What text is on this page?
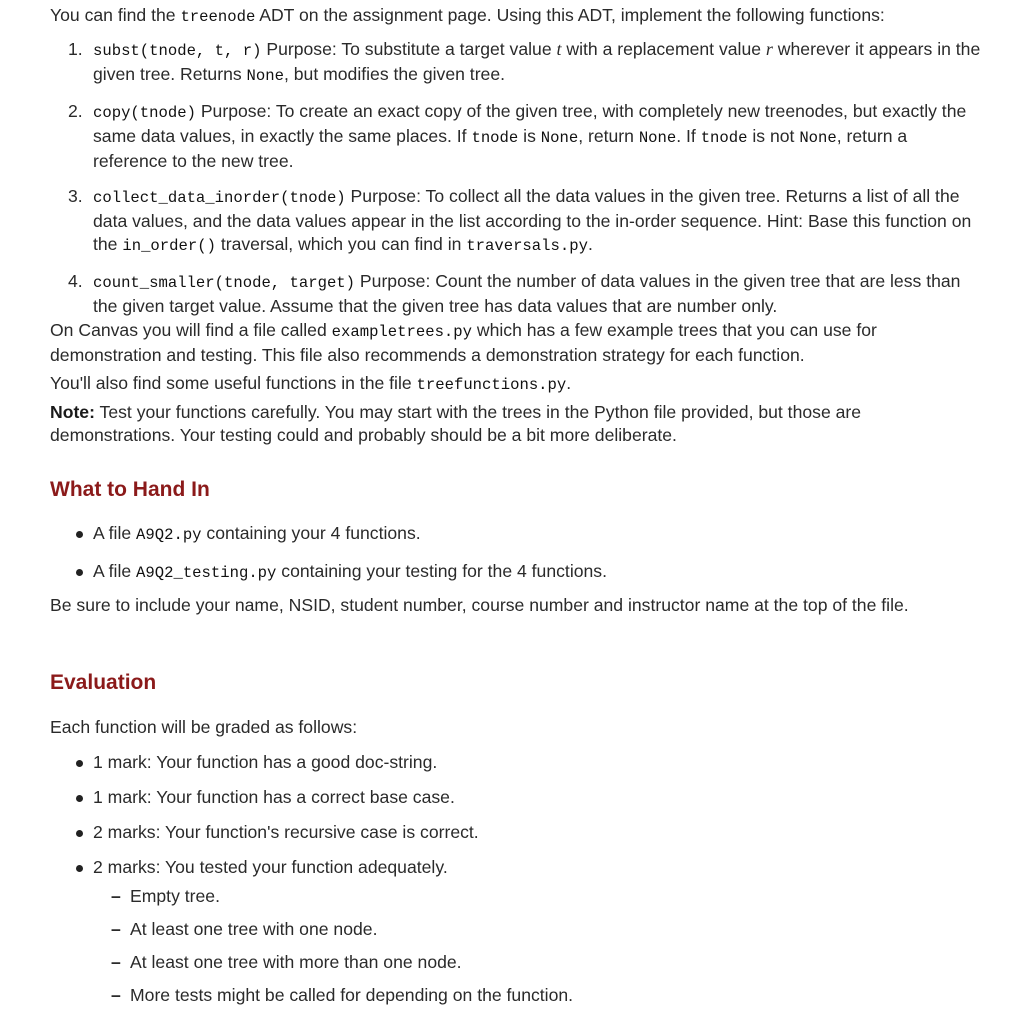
You can find the treenode ADT on the assignment page. Using this ADT, implement the following functions:

1. subst(tnode, t, r) Purpose: To substitute a target value t with a replacement value r wherever it appears in the given tree. Returns None, but modifies the given tree.
2. copy(tnode) Purpose: To create an exact copy of the given tree, with completely new treenodes, but exactly the same data values, in exactly the same places. If tnode is None, return None. If tnode is not None, return a reference to the new tree.
3. collect_data_inorder(tnode) Purpose: To collect all the data values in the given tree. Returns a list of all the data values, and the data values appear in the list according to the in-order sequence. Hint: Base this function on the in_order() traversal, which you can find in traversals.py.
4. count_smaller(tnode, target) Purpose: Count the number of data values in the given tree that are less than the given target value. Assume that the given tree has data values that are number only.

On Canvas you will find a file called exampletrees.py which has a few example trees that you can use for demonstration and testing. This file also recommends a demonstration strategy for each function.

You'll also find some useful functions in the file treefunctions.py.

Note: Test your functions carefully. You may start with the trees in the Python file provided, but those are demonstrations. Your testing could and probably should be a bit more deliberate.

What to Hand In
A file A9Q2.py containing your 4 functions.
A file A9Q2_testing.py containing your testing for the 4 functions.

Be sure to include your name, NSID, student number, course number and instructor name at the top of the file.

Evaluation

Each function will be graded as follows:

1 mark: Your function has a good doc-string.
1 mark: Your function has a correct base case.
2 marks: Your function's recursive case is correct.
2 marks: You tested your function adequately.
– Empty tree.
– At least one tree with one node.
– At least one tree with more than one node.
– More tests might be called for depending on the function.
